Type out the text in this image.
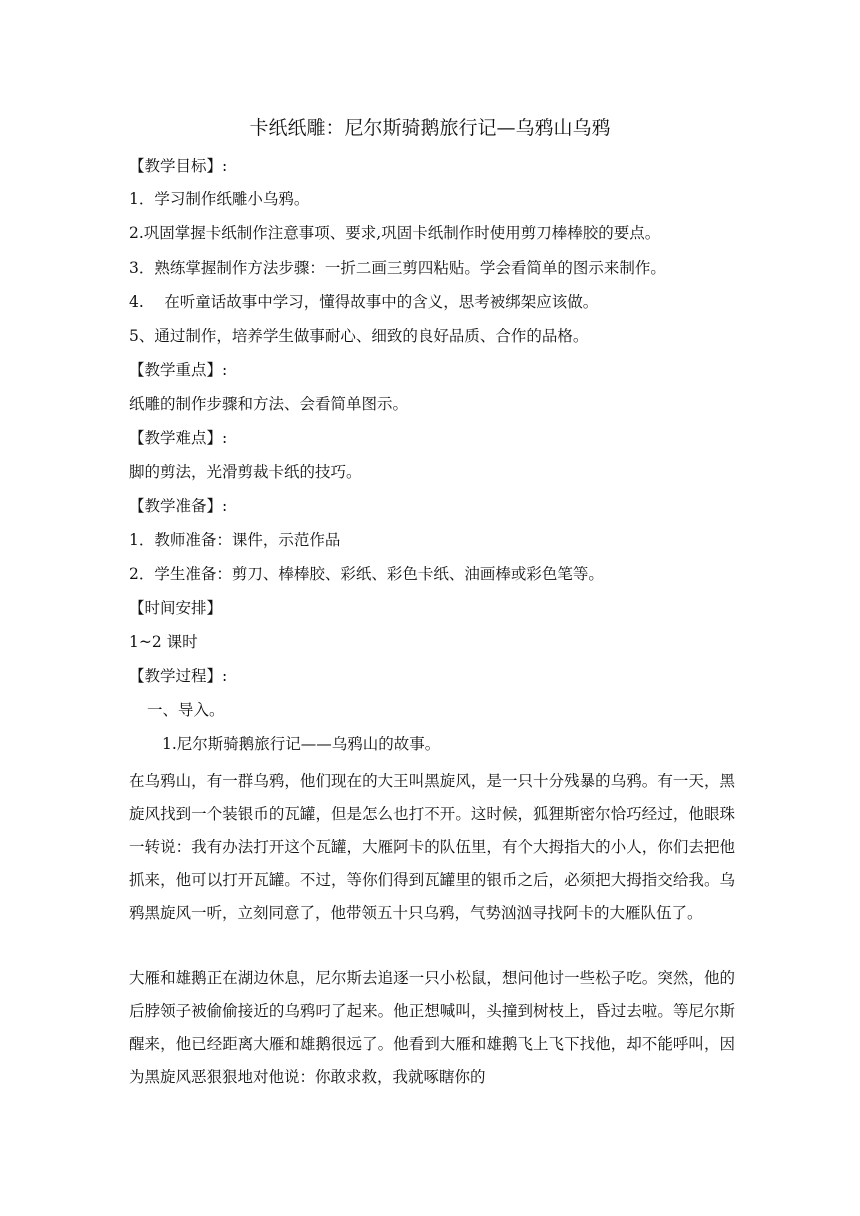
卡纸纸雕：尼尔斯骑鹅旅行记—乌鸦山乌鸦
【教学目标】:
1．学习制作纸雕小乌鸦。
2.巩固掌握卡纸制作注意事项、要求,巩固卡纸制作时使用剪刀棒棒胶的要点。
3．熟练掌握制作方法步骤：一折二画三剪四粘贴。学会看简单的图示来制作。
4.　 在听童话故事中学习，懂得故事中的含义，思考被绑架应该做。
5、通过制作，培养学生做事耐心、细致的良好品质、合作的品格。
【教学重点】:
纸雕的制作步骤和方法、会看简单图示。
【教学难点】:
脚的剪法，光滑剪裁卡纸的技巧。
【教学准备】:
1．教师准备：课件，示范作品
2．学生准备：剪刀、棒棒胶、彩纸、彩色卡纸、油画棒或彩色笔等。
【时间安排】
1~2 课时
【教学过程】:
一、导入。
1.尼尔斯骑鹅旅行记——乌鸦山的故事。
在乌鸦山，有一群乌鸦，他们现在的大王叫黑旋风，是一只十分残暴的乌鸦。有一天，黑旋风找到一个装银币的瓦罐，但是怎么也打不开。这时候，狐狸斯密尔恰巧经过，他眼珠一转说：我有办法打开这个瓦罐，大雁阿卡的队伍里，有个大拇指大的小人，你们去把他抓来，他可以打开瓦罐。不过，等你们得到瓦罐里的银币之后，必须把大拇指交给我。乌鸦黑旋风一听，立刻同意了，他带领五十只乌鸦，气势汹汹寻找阿卡的大雁队伍了。
大雁和雄鹅正在湖边休息，尼尔斯去追逐一只小松鼠，想问他讨一些松子吃。突然，他的后脖领子被偷偷接近的乌鸦叼了起来。他正想喊叫，头撞到树枝上，昏过去啦。等尼尔斯醒来，他已经距离大雁和雄鹅很远了。他看到大雁和雄鹅飞上飞下找他，却不能呼叫，因为黑旋风恶狠狠地对他说：你敢求救，我就啄瞎你的
